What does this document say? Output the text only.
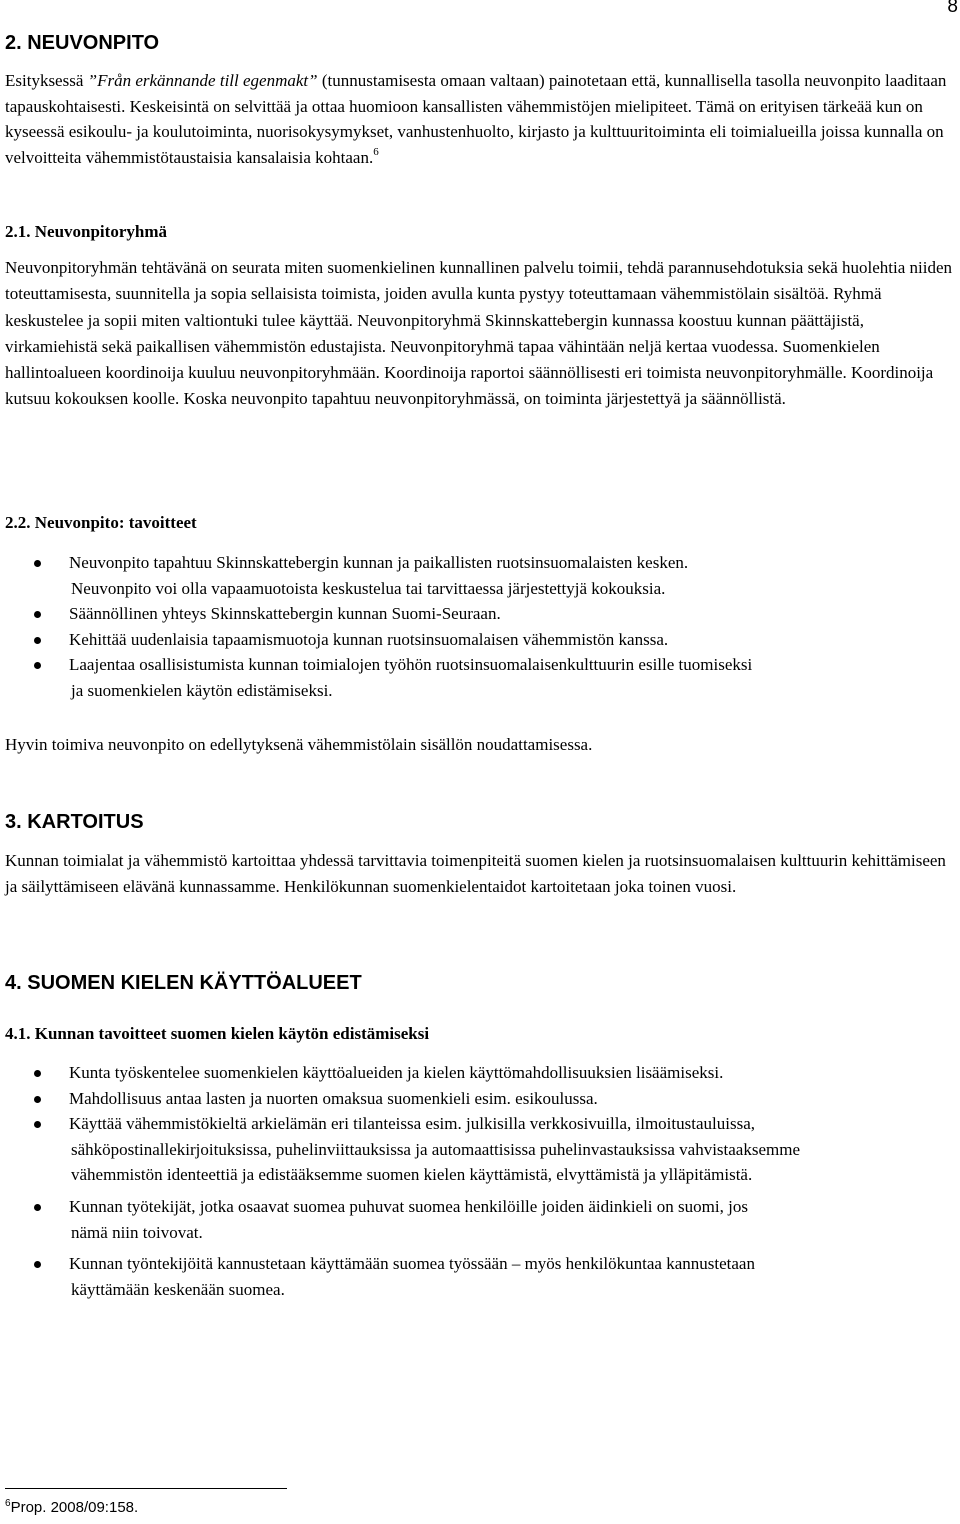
8
2. NEUVONPITO

Esityksessä ”Från erkännande till egenmakt” (tunnustamisesta omaan valtaan) painotetaan että, kunnallisella tasolla neuvonpito laaditaan tapauskohtaisesti. Keskeisintä on selvittää ja ottaa huomioon kansallisten vähemmistöjen mielipiteet. Tämä on erityisen tärkeää kun on kyseessä esikoulu- ja koulutoiminta, nuorisokysymykset, vanhustenhuolto, kirjasto ja kulttuuritoiminta eli toimialueilla joissa kunnalla on velvoitteita vähemmistötaustaisia kansalaisia kohtaan.$^6$

2.1. Neuvonpitoryhmä

Neuvonpitoryhmän tehtävänä on seurata miten suomenkielinen kunnallinen palvelu toimii, tehdä parannusehdotuksia sekä huolehtia niiden toteuttamisesta, suunnitella ja sopia sellaisista toimista, joiden avulla kunta pystyy toteuttamaan vähemmistölain sisältöä. Ryhmä keskustelee ja sopii miten valtiontuki tulee käyttää. Neuvonpitoryhmä Skinnskattebergin kunnassa koostuu kunnan päättäjistä, virkamiehistä sekä paikallisen vähemmistön edustajista. Neuvonpitoryhmä tapaa vähintään neljä kertaa vuodessa. Suomenkielen hallintoalueen koordinoija kuuluu neuvonpitoryhmään. Koordinoija raportoi säännöllisesti eri toimista neuvonpitoryhmälle. Koordinoija kutsuu kokouksen koolle. Koska neuvonpito tapahtuu neuvonpitoryhmässä, on toiminta järjestettyä ja säännöllistä.

2.2. Neuvonpito: tavoitteet
Neuvonpito tapahtuu Skinnskattebergin kunnan ja paikallisten ruotsinsuomalaisten kesken.
Neuvonpito voi olla vapaamuotoista keskustelua tai tarvittaessa järjestettyjä kokouksia.
Säännöllinen yhteys Skinnskattebergin kunnan Suomi-Seuraan.
Kehittää uudenlaisia tapaamismuotoja kunnan ruotsinsuomalaisen vähemmistön kanssa.
Laajentaa osallisistumista kunnan toimialojen työhön ruotsinsuomalaisenkulttuurin esille tuomiseksi
ja suomenkielen käytön edistämiseksi.

Hyvin toimiva neuvonpito on edellytyksenä vähemmistölain sisällön noudattamisessa.

3. KARTOITUS

Kunnan toimialat ja vähemmistö kartoittaa yhdessä tarvittavia toimenpiteitä suomen kielen ja ruotsinsuomalaisen kulttuurin kehittämiseen ja säilyttämiseen elävänä kunnassamme. Henkilökunnan suomenkielentaidot kartoitetaan joka toinen vuosi.

4. SUOMEN KIELEN KÄYTTÖALUEET
4.1. Kunnan tavoitteet suomen kielen käytön edistämiseksi
Kunta työskentelee suomenkielen käyttöalueiden ja kielen käyttömahdollisuuksien lisäämiseksi.
Mahdollisuus antaa lasten ja nuorten omaksua suomenkieli esim. esikoulussa.
Käyttää vähemmistökieltä arkielämän eri tilanteissa esim. julkisilla verkkosivuilla, ilmoitustauluissa,
sähköpostinallekirjoituksissa, puhelinviittauksissa ja automaattisissa puhelinvastauksissa vahvistaaksemme vähemmistön identeettiä ja edistääksemme suomen kielen käyttämistä, elvyttämistä ja ylläpitämistä.
Kunnan työtekijät, jotka osaavat suomea puhuvat suomea henkilöille joiden äidinkieli on suomi, jos
nämä niin toivovat.
Kunnan työntekijöitä kannustetaan käyttämään suomea työssään – myös henkilökuntaa kannustetaan
käyttämään keskenään suomea.
$^6$Prop. 2008/09:158.
